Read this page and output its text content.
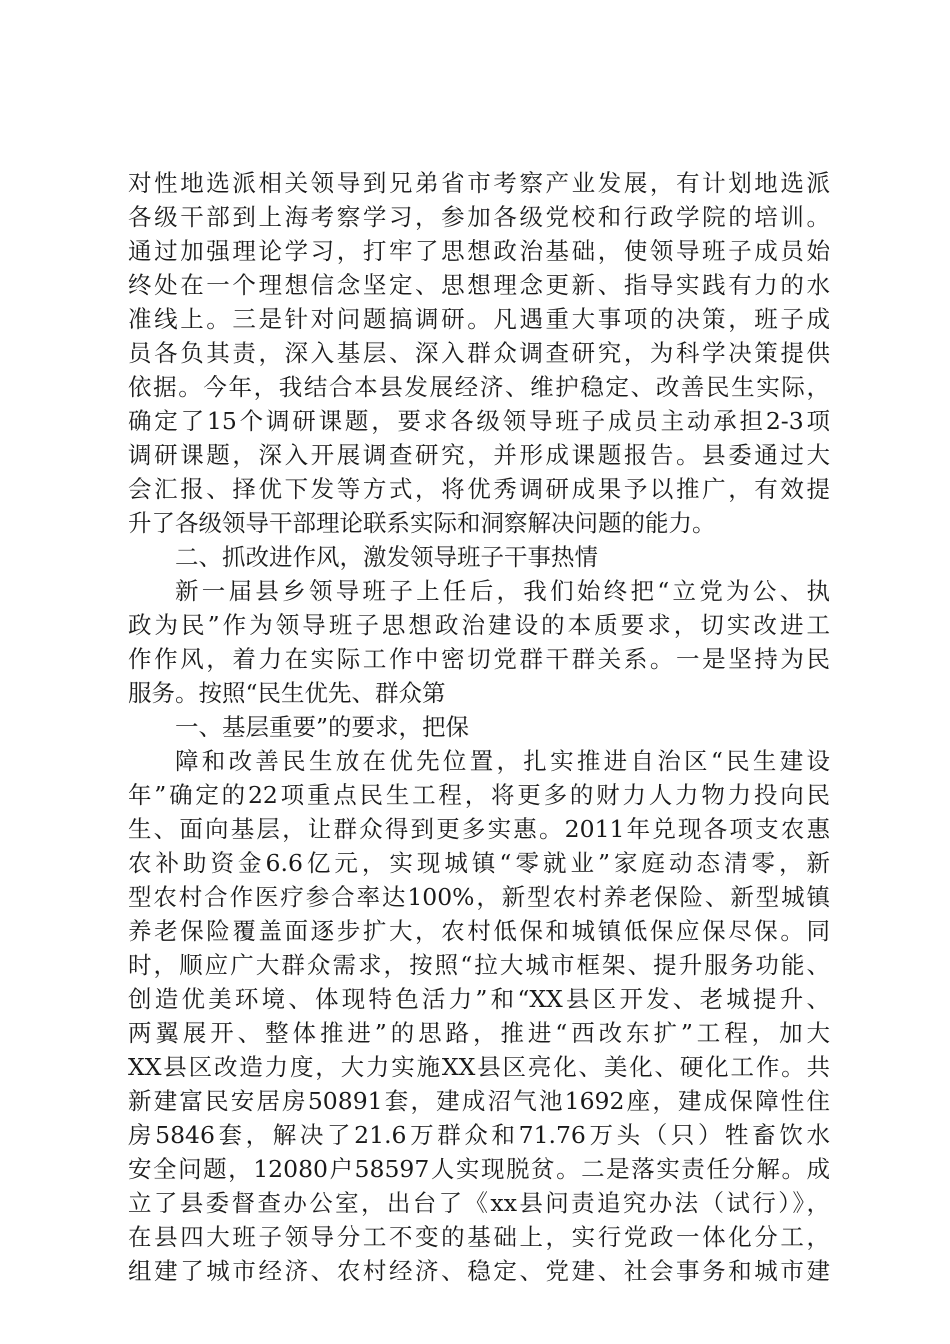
对性地选派相关领导到兄弟省市考察产业发展，有计划地选派
各级干部到上海考察学习，参加各级党校和行政学院的培训。
通过加强理论学习，打牢了思想政治基础，使领导班子成员始
终处在一个理想信念坚定、思想理念更新、指导实践有力的水
准线上。三是针对问题搞调研。凡遇重大事项的决策，班子成
员各负其责，深入基层、深入群众调查研究，为科学决策提供
依据。今年，我结合本县发展经济、维护稳定、改善民生实际，
确定了15个调研课题，要求各级领导班子成员主动承担2-3项
调研课题，深入开展调查研究，并形成课题报告。县委通过大
会汇报、择优下发等方式，将优秀调研成果予以推广，有效提
升了各级领导干部理论联系实际和洞察解决问题的能力。
二、抓改进作风，激发领导班子干事热情
新一届县乡领导班子上任后，我们始终把“立党为公、执
政为民”作为领导班子思想政治建设的本质要求，切实改进工
作作风，着力在实际工作中密切党群干群关系。一是坚持为民
服务。按照“民生优先、群众第
一、基层重要”的要求，把保
障和改善民生放在优先位置，扎实推进自治区“民生建设
年”确定的22项重点民生工程，将更多的财力人力物力投向民
生、面向基层，让群众得到更多实惠。2011年兑现各项支农惠
农补助资金6.6亿元，实现城镇“零就业”家庭动态清零，新
型农村合作医疗参合率达100%，新型农村养老保险、新型城镇
养老保险覆盖面逐步扩大，农村低保和城镇低保应保尽保。同
时，顺应广大群众需求，按照“拉大城市框架、提升服务功能、
创造优美环境、体现特色活力”和“XX县区开发、老城提升、
两翼展开、整体推进”的思路，推进“西改东扩”工程，加大
XX县区改造力度，大力实施XX县区亮化、美化、硬化工作。共
新建富民安居房50891套，建成沼气池1692座，建成保障性住
房5846套，解决了21.6万群众和71.76万头（只）牲畜饮水
安全问题，12080户58597人实现脱贫。二是落实责任分解。成
立了县委督查办公室，出台了《xx县问责追究办法（试行）》，
在县四大班子领导分工不变的基础上，实行党政一体化分工，
组建了城市经济、农村经济、稳定、党建、社会事务和城市建
